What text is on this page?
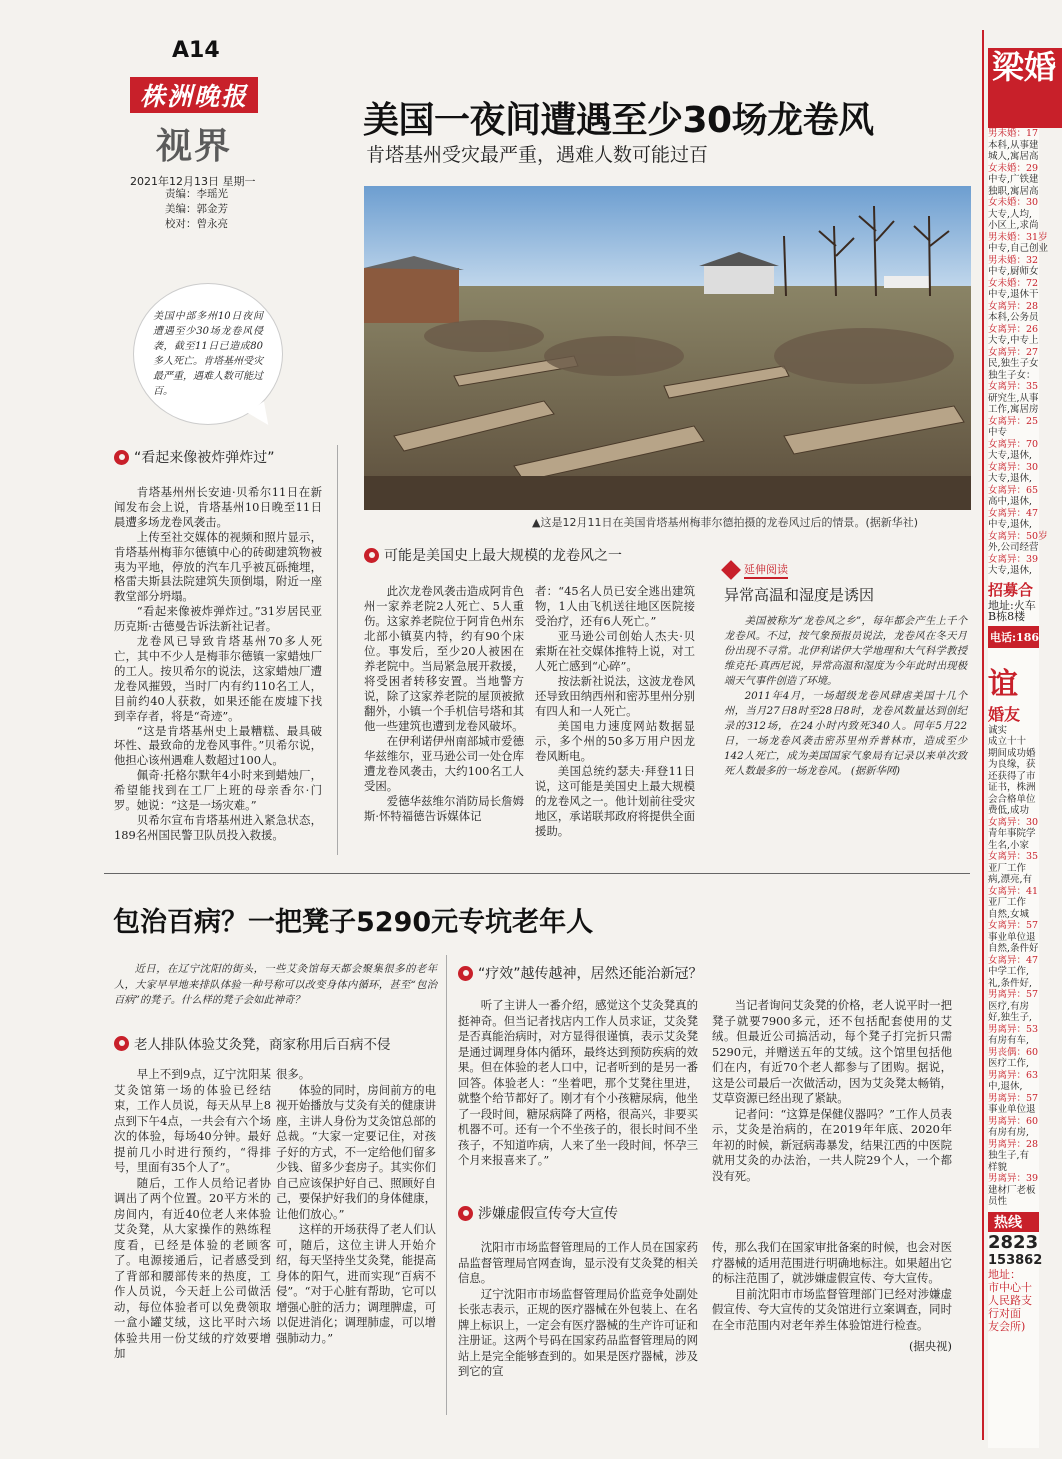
A14
株洲晚报
视界
2021年12月13日 星期一
责编：李瑶光
美编：郭金芳
校对：曾永亮
美国一夜间遭遇至少30场龙卷风
肯塔基州受灾最严重，遇难人数可能过百
美国中部多州10日夜间遭遇至少30场龙卷风侵袭，截至11日已造成80多人死亡。肯塔基州受灾最严重，遇难人数可能过百。
▲这是12月11日在美国肯塔基州梅菲尔德拍摄的龙卷风过后的情景。(据新华社)
“看起来像被炸弹炸过”

肯塔基州州长安迪·贝希尔11日在新闻发布会上说，肯塔基州10日晚至11日晨遭多场龙卷风袭击。

上传至社交媒体的视频和照片显示，肯塔基州梅菲尔德镇中心的砖砌建筑物被夷为平地，停放的汽车几乎被瓦砾掩埋，格雷夫斯县法院建筑失顶倒塌，附近一座教堂部分坍塌。

“看起来像被炸弹炸过。”31岁居民亚历克斯·古德曼告诉法新社记者。

龙卷风已导致肯塔基州70多人死亡，其中不少人是梅菲尔德镇一家蜡烛厂的工人。按贝希尔的说法，这家蜡烛厂遭龙卷风摧毁，当时厂内有约110名工人，目前约40人获救，如果还能在废墟下找到幸存者，将是“奇迹”。

“这是肯塔基州史上最糟糕、最具破坏性、最致命的龙卷风事件。”贝希尔说，他担心该州遇难人数超过100人。

佩奇·托格尔默年4小时来到蜡烛厂，希望能找到在工厂上班的母亲香尔·门罗。她说：“这是一场灾难。”

贝希尔宣布肯塔基州进入紧急状态，189名州国民警卫队员投入救援。

可能是美国史上最大规模的龙卷风之一

此次龙卷风袭击造成阿肯色州一家养老院2人死亡、5人重伤。这家养老院位于阿肯色州东北部小镇莫内特，约有90个床位。事发后，至少20人被困在养老院中。当局紧急展开救援，将受困者转移安置。当地警方说，除了这家养老院的屋顶被掀翻外，小镇一个手机信号塔和其他一些建筑也遭到龙卷风破坏。

在伊利诺伊州南部城市爱德华兹维尔，亚马逊公司一处仓库遭龙卷风袭击，大约100名工人受困。

爱德华兹维尔消防局长詹姆斯·怀特福德告诉媒体记

者：“45名人员已安全逃出建筑物，1人由飞机送往地区医院接受治疗，还有6人死亡。”

亚马逊公司创始人杰夫·贝索斯在社交媒体推特上说，对工人死亡感到“心碎”。

按法新社说法，这波龙卷风还导致田纳西州和密苏里州分别有四人和一人死亡。

美国电力速度网站数据显示，多个州的50多万用户因龙卷风断电。

美国总统约瑟夫·拜登11日说，这可能是美国史上最大规模的龙卷风之一。他计划前往受灾地区，承诺联邦政府将提供全面援助。

延伸阅读
异常高温和湿度是诱因

美国被称为“龙卷风之乡”，每年都会产生上千个龙卷风。不过，按气象预报员说法，龙卷风在冬天月份出现不寻常。北伊利诺伊大学地理和大气科学教授维克托·真西尼说，异常高温和湿度为今年此时出现极端天气事件创造了环境。

2011年4月，一场超级龙卷风肆虐美国十几个州，当月27日8时至28日8时，龙卷风数量达到创纪录的312场，在24小时内致死340人。同年5月22日，一场龙卷风袭击密苏里州乔普林市，造成至少142人死亡，成为美国国家气象局有记录以来单次致死人数最多的一场龙卷风。 (据新华网)

包治百病？一把凳子5290元专坑老年人
近日，在辽宁沈阳的街头，一些艾灸馆每天都会聚集很多的老年人，大家早早地来排队体验一种号称可以改变身体内循环，甚至“包治百病”的凳子。什么样的凳子会如此神奇？
老人排队体验艾灸凳，商家称用后百病不侵

早上不到9点，辽宁沈阳某艾灸馆第一场的体验已经结束，工作人员说，每天从早上8点到下午4点，一共会有六个场次的体验，每场40分钟。最好提前几小时进行预约，“得排号，里面有35个人了”。

随后，工作人员给记者协调出了两个位置。20平方米的房间内，有近40位老人来体验艾灸凳，从大家操作的熟练程度看，已经是体验的老顾客了。电源接通后，记者感受到了背部和腰部传来的热度，工作人员说，今天赶上公司做活动，每位体验者可以免费领取一盒小罐艾绒，这比平时六场体验共用一份艾绒的疗效要增加

很多。

体验的同时，房间前方的电视开始播放与艾灸有关的健康讲座，主讲人身份为艾灸馆总部的总裁。“大家一定要记住，对孩子好的方式，不一定给他们留多少钱、留多少套房子。其实你们自己应该保护好自己、照顾好自己，要保护好我们的身体健康，让他们放心。”

这样的开场获得了老人们认可，随后，这位主讲人开始介绍，每天坚持坐艾灸凳，能提高身体的阳气，进而实现“百病不侵”。“对于心脏有帮助，它可以增强心脏的活力；调理脾虚，可以促进消化；调理肺虚，可以增强肺动力。”

“疗效”越传越神，居然还能治新冠？

听了主讲人一番介绍，感觉这个艾灸凳真的挺神奇。但当记者找店内工作人员求证，艾灸凳是否真能治病时，对方显得很谨慎，表示艾灸凳是通过调理身体内循环，最终达到预防疾病的效果。但在体验的老人口中，记者听到的是另一番回答。体验老人：“坐着吧，那个艾凳往里进，就整个给节都好了。刚才有个小孩糖尿病，他坐了一段时间，糖尿病降了两格，很高兴，非要买机器不可。还有一个不坐孩子的，很长时间不坐孩子，不知道咋病，人来了坐一段时间，怀孕三个月来报喜来了。”

当记者询问艾灸凳的价格，老人说平时一把凳子就要7900多元，还不包括配套使用的艾绒。但最近公司搞活动，每个凳子打完折只需5290元，并赠送五年的艾绒。这个馆里包括他们在内，有近70个老人都参与了团购。据说，这是公司最后一次做活动，因为艾灸凳太畅销，艾草资源已经出现了紧缺。

记者问：“这算是保健仪器吗？”工作人员表示，艾灸是治病的，在2019年年底、2020年年初的时候，新冠病毒暴发，结果江西的中医院就用艾灸的办法治，一共人院29个人，一个都没有死。

涉嫌虚假宣传夸大宣传

沈阳市市场监督管理局的工作人员在国家药品监督管理局官网查询，显示没有艾灸凳的相关信息。

辽宁沈阳市市场监督管理局价监竞争处副处长张志表示，正规的医疗器械在外包装上、在名牌上标识上，一定会有医疗器械的生产许可证和注册证。这两个号码在国家药品监督管理局的网站上是完全能够查到的。如果是医疗器械，涉及到它的宣

传，那么我们在国家审批备案的时候，也会对医疗器械的适用范围进行明确地标注。如果超出它的标注范围了，就涉嫌虚假宣传、夸大宣传。

目前沈阳市市场监督管理部门已经对涉嫌虚假宣传、夸大宣传的艾灸馆进行立案调查，同时在全市范围内对老年养生体验馆进行检查。

(据央视)

梁婚
男未婚：17
本科,从事建
城人,寓居高
女未婚：29
中专,广铁建
独职,寓居高
女未婚：30
大专,人均,
小区上,求尚
男未婚：31岁
中专,自己创业
男未婚：32
中专,厨师女
女未婚：72
中专,退休干
女离异：28
本科,公务员
女离异：26
大专,中专上
女离异：27
民,独生子女
独生子女：
女离异：35
研究生,从事
工作,寓居房
女离异：25
中专
女离异：70
大专,退休,
女离异：30
大专,退休,
女离异：65
高中,退休,
女离异：47
中专,退休,
女离异：50岁
外,公司经营
女离异：39
大专,退休,
招募合
地址:火车
B栋8楼
电话:186
谊
婚友
诚实
成立十十
期间成功婚
为良缘，获
还获得了市
证书，株洲
会合格单位
费低,成功
女离异：30
青年事院学
生名,小家
女离异：35
亚厂工作
病,漂亮,有
女离异：41
亚厂工作
自然,女城
女离异：57
事业单位退
自然,条件好
女离异：47
中学工作,
礼,条件好,
男离异：57
医疗,有房
好,独生子,
男离异：53
有房有车,
男丧偶：60
医疗工作,
男离异：63
中,退休,
男离异：57
事业单位退
男离异：60
有房有房,
男离异：28
独生子,有
样貌
男离异：39
建材厂老板
员性
热线
2823
153862
地址：
市中心十
人民路支
行对面
友会所)
